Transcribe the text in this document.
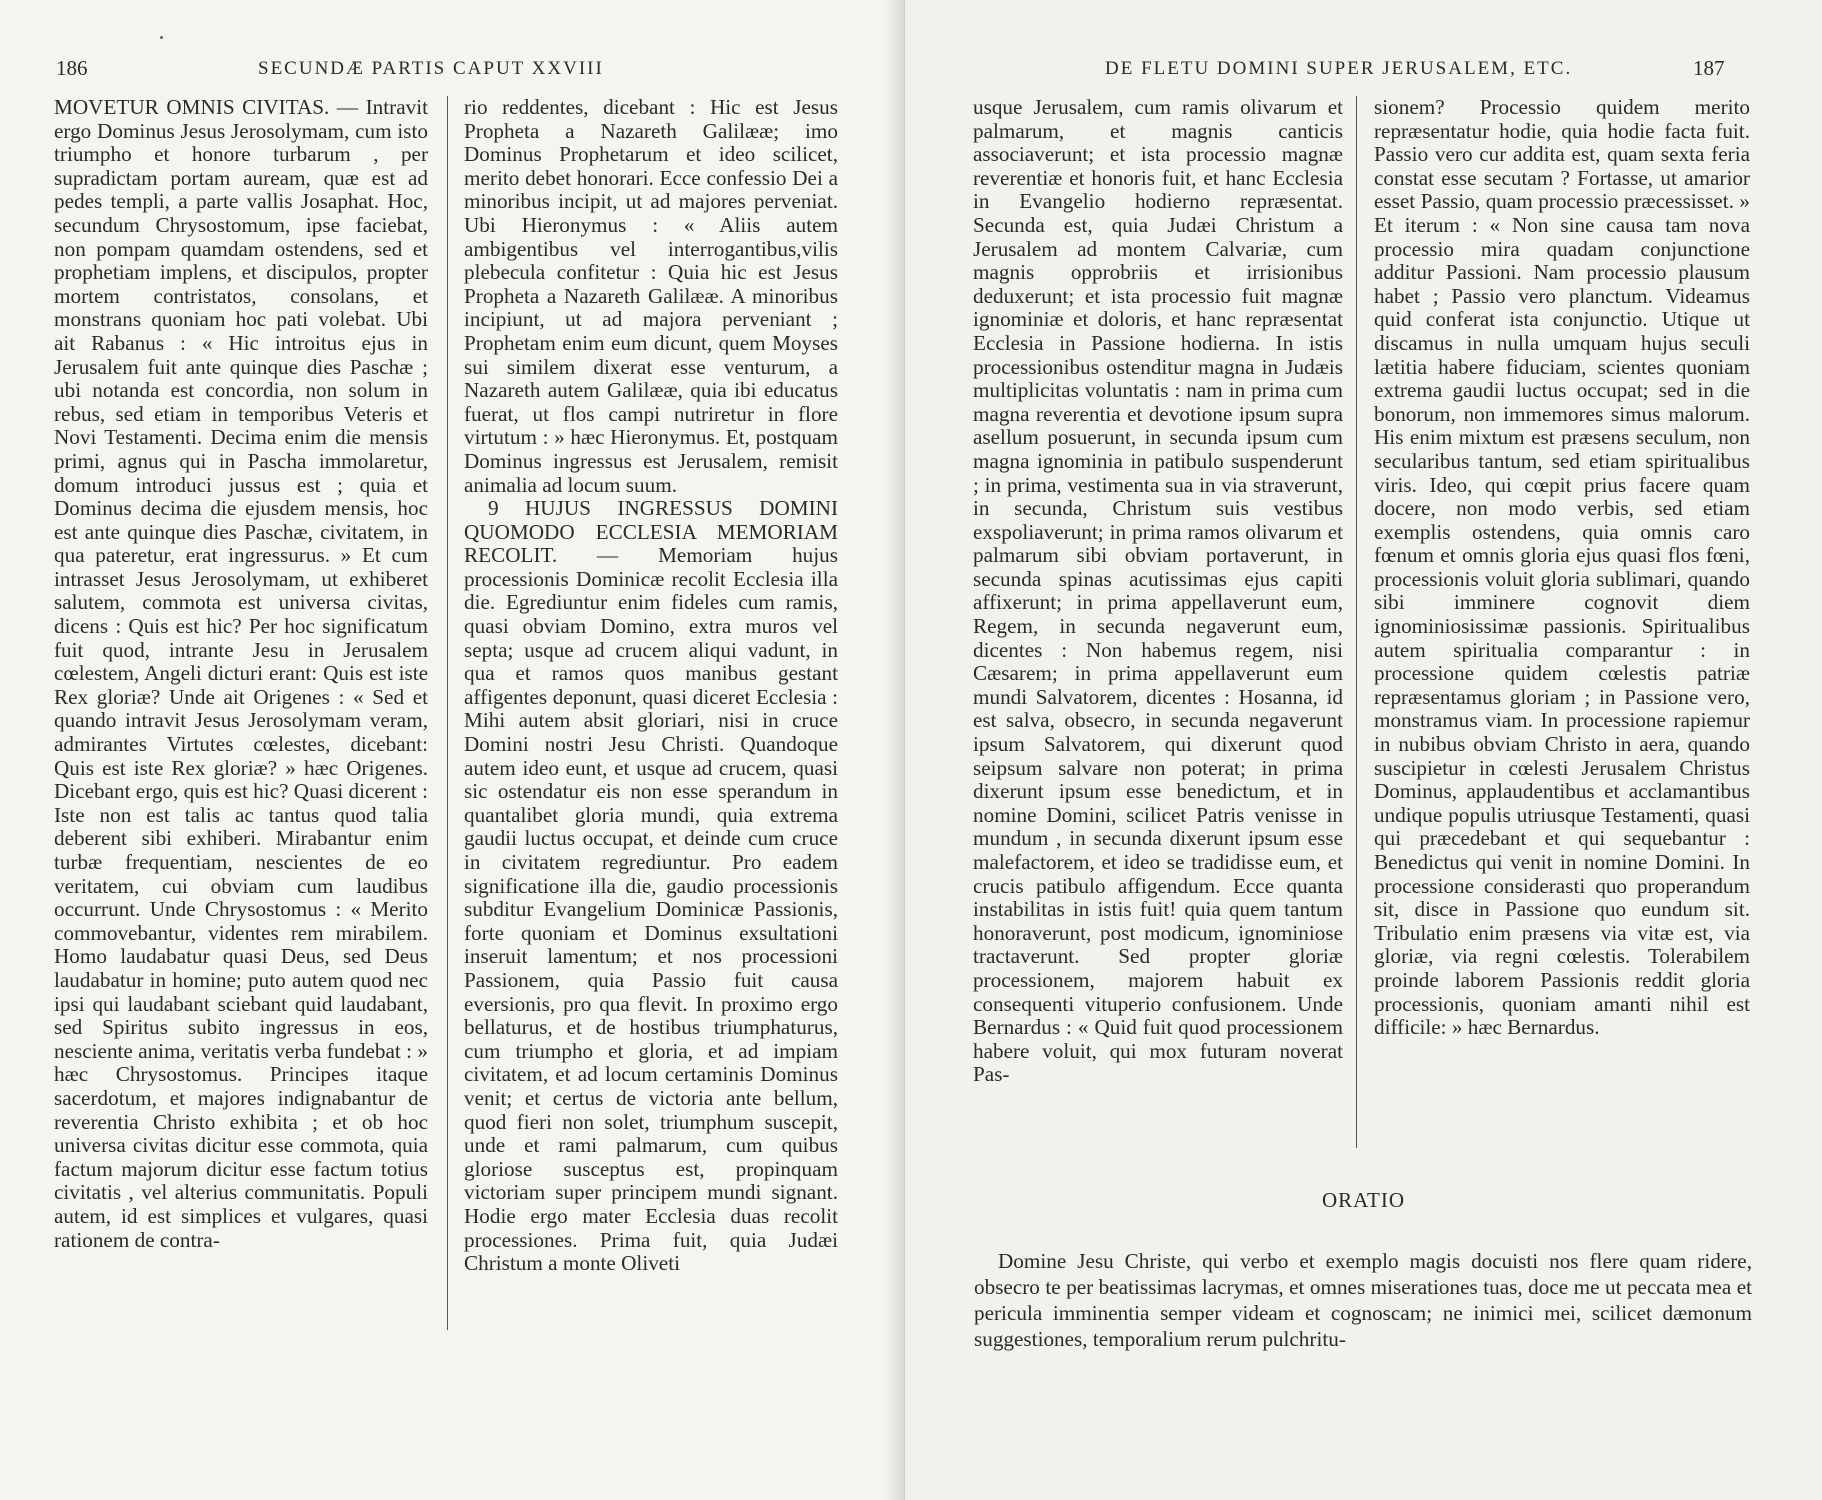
186	SECUNDÆ PARTIS CAPUT XXVIII

MOVETUR OMNIS CIVITAS. — Intravit ergo Dominus Jesus Jerosolymam, cum isto triumpho et honore turbarum , per supradictam portam auream, quæ est ad pedes templi, a parte vallis Josaphat. Hoc, secundum Chrysostomum, ipse faciebat, non pompam quamdam ostendens, sed et prophetiam implens, et discipulos, propter mortem contristatos, consolans, et monstrans quoniam hoc pati volebat. Ubi ait Rabanus : « Hic introitus ejus in Jerusalem fuit ante quinque dies Paschæ ; ubi notanda est concordia, non solum in rebus, sed etiam in temporibus Veteris et Novi Testamenti. Decima enim die mensis primi, agnus qui in Pascha immolaretur, domum introduci jussus est ; quia et Dominus decima die ejusdem mensis, hoc est ante quinque dies Paschæ, civitatem, in qua pateretur, erat ingressurus. » Et cum intrasset Jesus Jerosolymam, ut exhiberet salutem, commota est universa civitas, dicens : Quis est hic? Per hoc significatum fuit quod, intrante Jesu in Jerusalem cœlestem, Angeli dicturi erant: Quis est iste Rex gloriæ? Unde ait Origenes : « Sed et quando intravit Jesus Jerosolymam veram, admirantes Virtutes cœlestes, dicebant: Quis est iste Rex gloriæ? » hæc Origenes. Dicebant ergo, quis est hic? Quasi dicerent : Iste non est talis ac tantus quod talia deberent sibi exhiberi. Mirabantur enim turbæ frequentiam, nescientes de eo veritatem, cui obviam cum laudibus occurrunt. Unde Chrysostomus : « Merito commovebantur, videntes rem mirabilem. Homo laudabatur quasi Deus, sed Deus laudabatur in homine; puto autem quod nec ipsi qui laudabant sciebant quid laudabant, sed Spiritus subito ingressus in eos, nesciente anima, veritatis verba fundebat : » hæc Chrysostomus. Principes itaque sacerdotum, et majores indignabantur de reverentia Christo exhibita ; et ob hoc universa civitas dicitur esse commota, quia factum majorum dicitur esse factum totius civitatis , vel alterius communitatis. Populi autem, id est simplices et vulgares, quasi rationem de contra-

rio reddentes, dicebant : Hic est Jesus Propheta a Nazareth Galilææ; imo Dominus Prophetarum et ideo scilicet, merito debet honorari. Ecce confessio Dei a minoribus incipit, ut ad majores perveniat. Ubi Hieronymus : « Aliis autem ambigentibus vel interrogantibus,vilis plebecula confitetur : Quia hic est Jesus Propheta a Nazareth Galilææ. A minoribus incipiunt, ut ad majora perveniant ; Prophetam enim eum dicunt, quem Moyses sui similem dixerat esse venturum, a Nazareth autem Galilææ, quia ibi educatus fuerat, ut flos campi nutriretur in flore virtutum : » hæc Hieronymus. Et, postquam Dominus ingressus est Jerusalem, remisit animalia ad locum suum.

9 HUJUS INGRESSUS DOMINI QUOMODO ECCLESIA MEMORIAM RECOLIT. — Memoriam hujus processionis Dominicæ recolit Ecclesia illa die. Egrediuntur enim fideles cum ramis, quasi obviam Domino, extra muros vel septa; usque ad crucem aliqui vadunt, in qua et ramos quos manibus gestant affigentes deponunt, quasi diceret Ecclesia : Mihi autem absit gloriari, nisi in cruce Domini nostri Jesu Christi. Quandoque autem ideo eunt, et usque ad crucem, quasi sic ostendatur eis non esse sperandum in quantalibet gloria mundi, quia extrema gaudii luctus occupat, et deinde cum cruce in civitatem regrediuntur. Pro eadem significatione illa die, gaudio processionis subditur Evangelium Dominicæ Passionis, forte quoniam et Dominus exsultationi inseruit lamentum; et nos processioni Passionem, quia Passio fuit causa eversionis, pro qua flevit. In proximo ergo bellaturus, et de hostibus triumphaturus, cum triumpho et gloria, et ad impiam civitatem, et ad locum certaminis Dominus venit; et certus de victoria ante bellum, quod fieri non solet, triumphum suscepit, unde et rami palmarum, cum quibus gloriose susceptus est, propinquam victoriam super principem mundi signant. Hodie ergo mater Ecclesia duas recolit processiones. Prima fuit, quia Judæi Christum a monte Oliveti

DE FLETU DOMINI SUPER JERUSALEM, ETC.	187

usque Jerusalem, cum ramis olivarum et palmarum, et magnis canticis associaverunt; et ista processio magnæ reverentiæ et honoris fuit, et hanc Ecclesia in Evangelio hodierno repræsentat. Secunda est, quia Judæi Christum a Jerusalem ad montem Calvariæ, cum magnis opprobriis et irrisionibus deduxerunt; et ista processio fuit magnæ ignominiæ et doloris, et hanc repræsentat Ecclesia in Passione hodierna. In istis processionibus ostenditur magna in Judæis multiplicitas voluntatis : nam in prima cum magna reverentia et devotione ipsum supra asellum posuerunt, in secunda ipsum cum magna ignominia in patibulo suspenderunt ; in prima, vestimenta sua in via straverunt, in secunda, Christum suis vestibus exspoliaverunt; in prima ramos olivarum et palmarum sibi obviam portaverunt, in secunda spinas acutissimas ejus capiti affixerunt; in prima appellaverunt eum, Regem, in secunda negaverunt eum, dicentes : Non habemus regem, nisi Cæsarem; in prima appellaverunt eum mundi Salvatorem, dicentes : Hosanna, id est salva, obsecro, in secunda negaverunt ipsum Salvatorem, qui dixerunt quod seipsum salvare non poterat; in prima dixerunt ipsum esse benedictum, et in nomine Domini, scilicet Patris venisse in mundum , in secunda dixerunt ipsum esse malefactorem, et ideo se tradidisse eum, et crucis patibulo affigendum. Ecce quanta instabilitas in istis fuit! quia quem tantum honoraverunt, post modicum, ignominiose tractaverunt. Sed propter gloriæ processionem, majorem habuit ex consequenti vituperio confusionem. Unde Bernardus : « Quid fuit quod processionem habere voluit, qui mox futuram noverat Pas-

sionem? Processio quidem merito repræsentatur hodie, quia hodie facta fuit. Passio vero cur addita est, quam sexta feria constat esse secutam ? Fortasse, ut amarior esset Passio, quam processio præcessisset. » Et iterum : « Non sine causa tam nova processio mira quadam conjunctione additur Passioni. Nam processio plausum habet ; Passio vero planctum. Videamus quid conferat ista conjunctio. Utique ut discamus in nulla umquam hujus seculi lætitia habere fiduciam, scientes quoniam extrema gaudii luctus occupat; sed in die bonorum, non immemores simus malorum. His enim mixtum est præsens seculum, non secularibus tantum, sed etiam spiritualibus viris. Ideo, qui cœpit prius facere quam docere, non modo verbis, sed etiam exemplis ostendens, quia omnis caro fœnum et omnis gloria ejus quasi flos fœni, processionis voluit gloria sublimari, quando sibi imminere cognovit diem ignominiosissimæ passionis. Spiritualibus autem spiritualia comparantur : in processione quidem cœlestis patriæ repræsentamus gloriam ; in Passione vero, monstramus viam. In processione rapiemur in nubibus obviam Christo in aera, quando suscipietur in cœlesti Jerusalem Christus Dominus, applaudentibus et acclamantibus undique populis utriusque Testamenti, quasi qui præcedebant et qui sequebantur : Benedictus qui venit in nomine Domini. In processione considerasti quo properandum sit, disce in Passione quo eundum sit. Tribulatio enim præsens via vitæ est, via gloriæ, via regni cœlestis. Tolerabilem proinde laborem Passionis reddit gloria processionis, quoniam amanti nihil est difficile: » hæc Bernardus.

ORATIO

Domine Jesu Christe, qui verbo et exemplo magis docuisti nos flere quam ridere, obsecro te per beatissimas lacrymas, et omnes miserationes tuas, doce me ut peccata mea et pericula imminentia semper videam et cognoscam; ne inimici mei, scilicet dæmonum suggestiones, temporalium rerum pulchritu-
